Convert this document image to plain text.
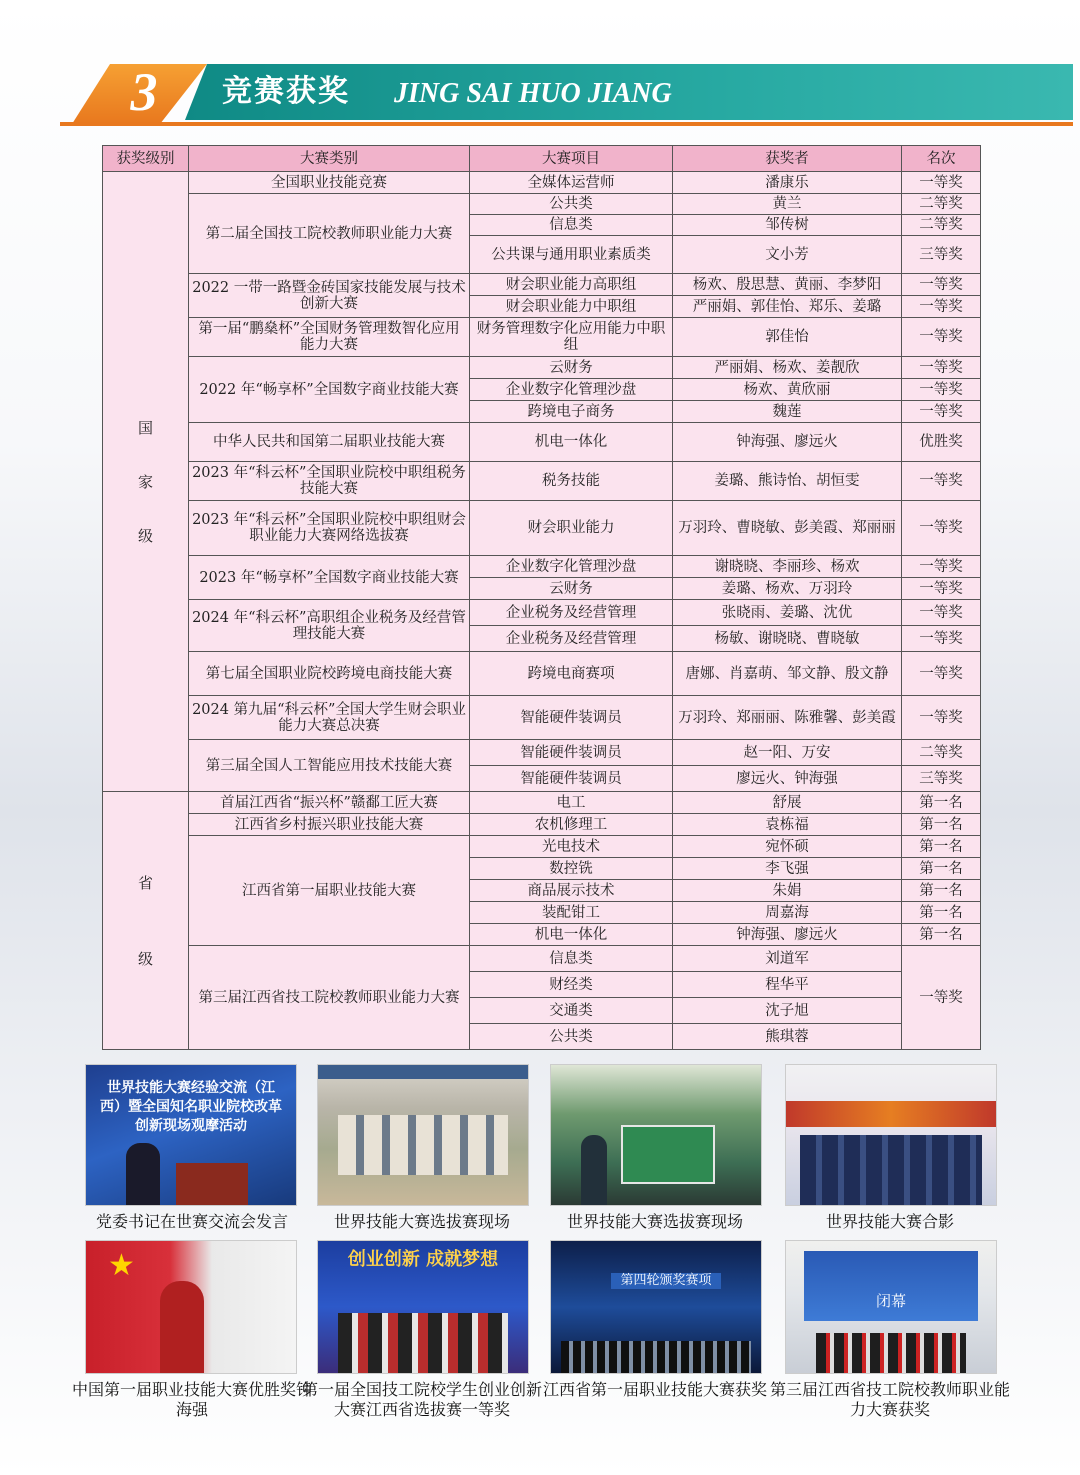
3	竞赛获奖 JING SAI HUO JIANG
获奖级别	大赛类别	大赛项目	获奖者	名次
国家级	全国职业技能竞赛	全媒体运营师	潘康乐	一等奖
	第二届全国技工院校教师职业能力大赛	公共类	黄兰	二等奖
		信息类	邹传树	二等奖
		公共课与通用职业素质类	文小芳	三等奖
	2022 一带一路暨金砖国家技能发展与技术创新大赛	财会职业能力高职组	杨欢、殷思慧、黄丽、李梦阳	一等奖
		财会职业能力中职组	严丽娟、郭佳怡、郑乐、姜璐	一等奖
	第一届“鹏燊杯”全国财务管理数智化应用能力大赛	财务管理数字化应用能力中职组	郭佳怡	一等奖
	2022 年“畅享杯”全国数字商业技能大赛	云财务	严丽娟、杨欢、姜靓欣	一等奖
		企业数字化管理沙盘	杨欢、黄欣丽	一等奖
		跨境电子商务	魏莲	一等奖
	中华人民共和国第二届职业技能大赛	机电一体化	钟海强、廖远火	优胜奖
	2023 年“科云杯”全国职业院校中职组税务技能大赛	税务技能	姜璐、熊诗怡、胡恒雯	一等奖
	2023 年“科云杯”全国职业院校中职组财会职业能力大赛网络选拔赛	财会职业能力	万羽玲、曹晓敏、彭美霞、郑丽丽	一等奖
	2023 年“畅享杯”全国数字商业技能大赛	企业数字化管理沙盘	谢晓晓、李丽珍、杨欢	一等奖
		云财务	姜璐、杨欢、万羽玲	一等奖
	2024 年“科云杯”高职组企业税务及经营管理技能大赛	企业税务及经营管理	张晓雨、姜璐、沈优	一等奖
		企业税务及经营管理	杨敏、谢晓晓、曹晓敏	一等奖
	第七届全国职业院校跨境电商技能大赛	跨境电商赛项	唐娜、肖嘉萌、邹文静、殷文静	一等奖
	2024 第九届“科云杯”全国大学生财会职业能力大赛总决赛	智能硬件装调员	万羽玲、郑丽丽、陈雅馨、彭美霞	一等奖
	第三届全国人工智能应用技术技能大赛	智能硬件装调员	赵一阳、万安	二等奖
		智能硬件装调员	廖远火、钟海强	三等奖
省级	首届江西省“振兴杯”赣鄱工匠大赛	电工	舒展	第一名
	江西省乡村振兴职业技能大赛	农机修理工	袁栋福	第一名
	江西省第一届职业技能大赛	光电技术	宛怀硕	第一名
		数控铣	李飞强	第一名
		商品展示技术	朱娟	第一名
		装配钳工	周嘉海	第一名
		机电一体化	钟海强、廖远火	第一名
	第三届江西省技工院校教师职业能力大赛	信息类	刘道军	一等奖
		财经类	程华平	
		交通类	沈子旭	
		公共类	熊琪蓉	
世界技能大赛经验交流（江西）暨全国知名职业院校改革创新现场观摩活动
党委书记在世赛交流会发言	世界技能大赛选拔赛现场	世界技能大赛选拔赛现场	世界技能大赛合影
★
中国第一届职业技能大赛优胜奖钟海强
创业创新 成就梦想
第一届全国技工院校学生创业创新大赛江西省选拔赛一等奖
第四轮颁奖赛项
江西省第一届职业技能大赛获奖
闭幕
第三届江西省技工院校教师职业能力大赛获奖
